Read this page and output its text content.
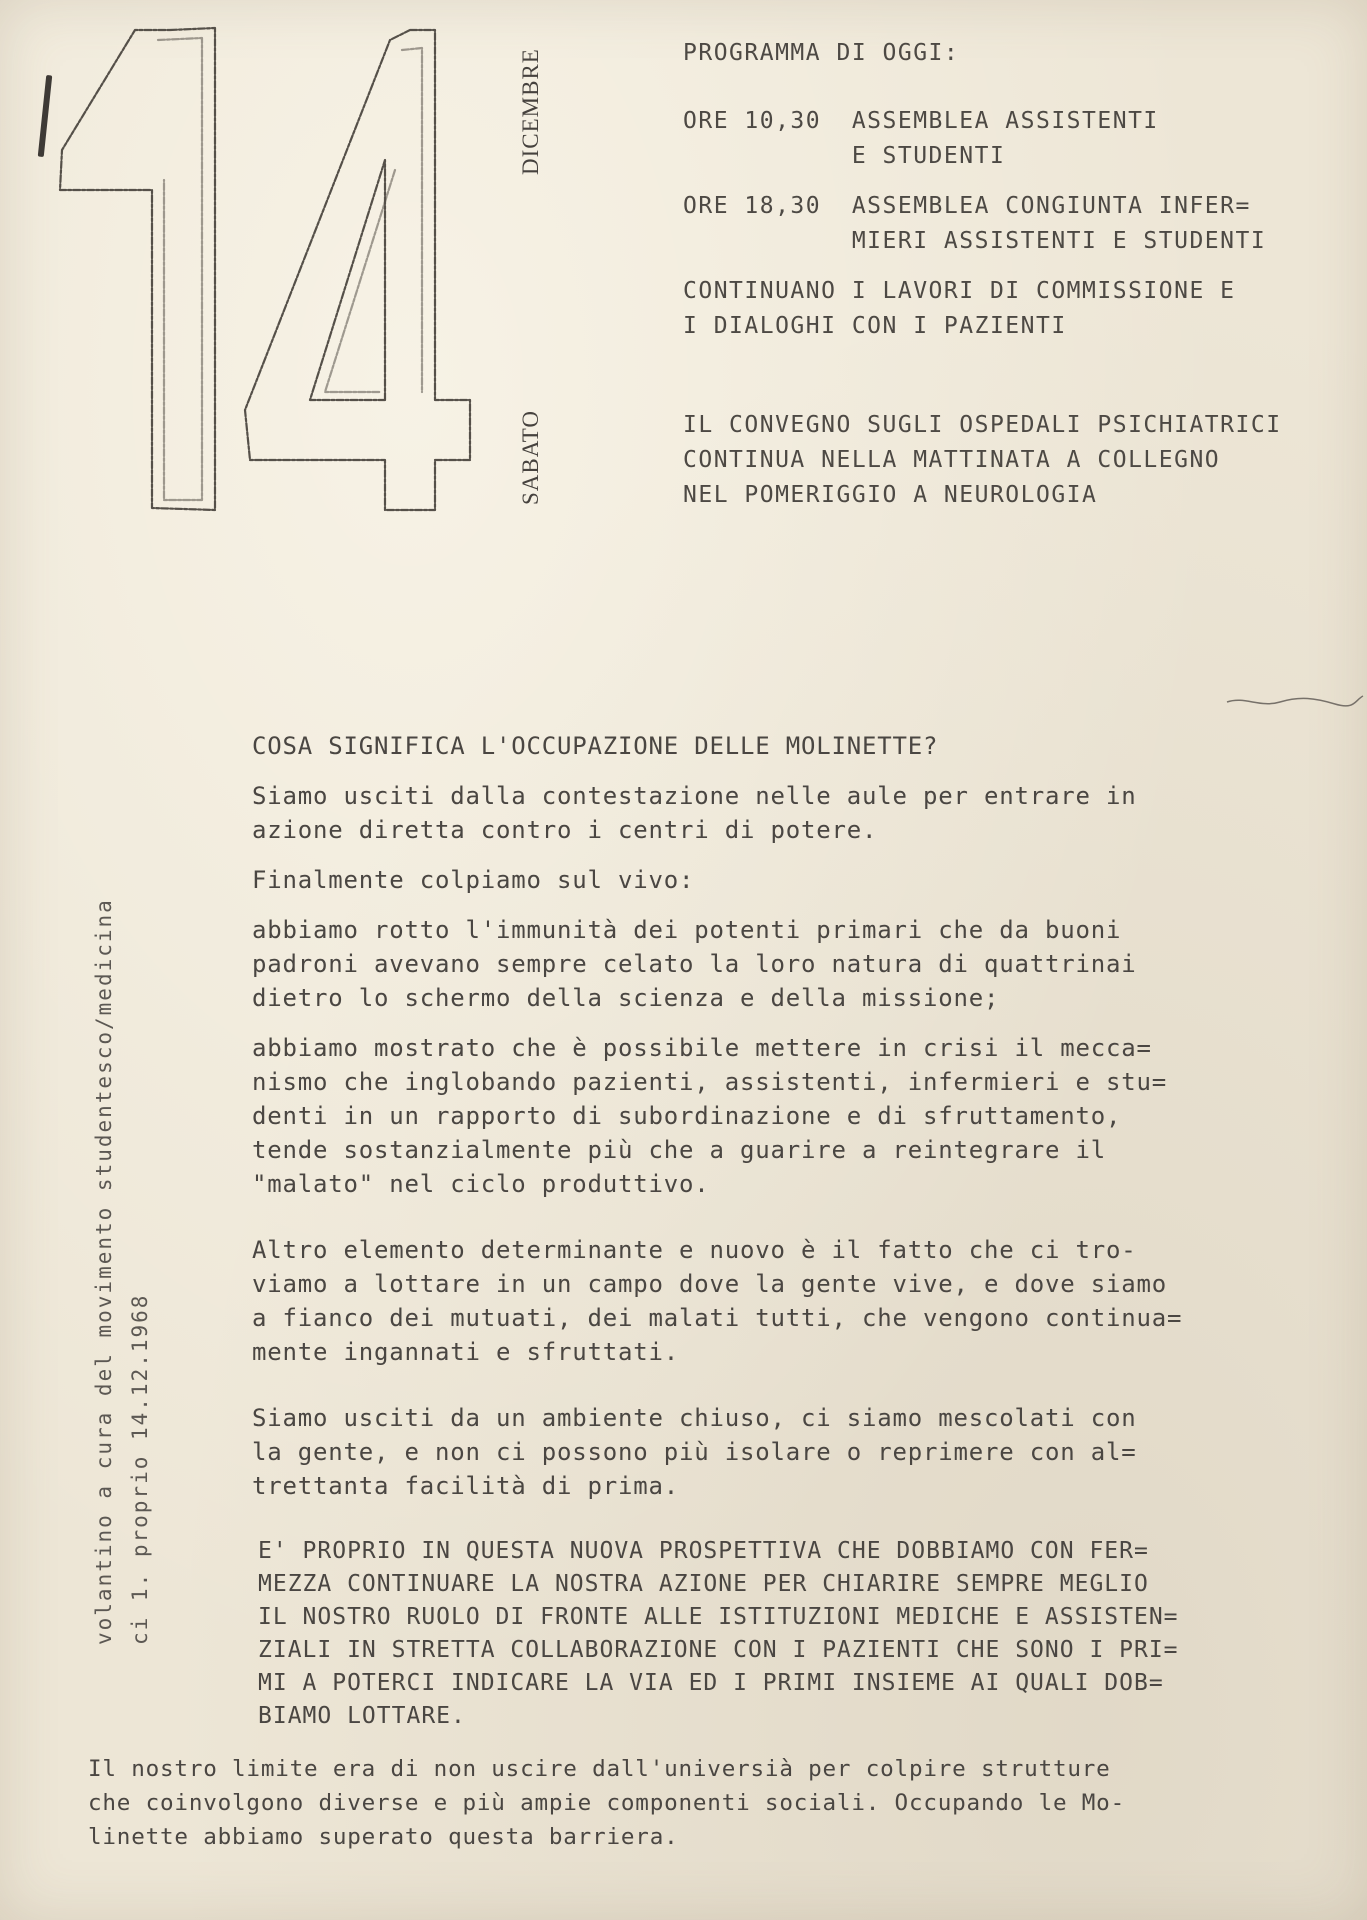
DICEMBRE
SABATO
PROGRAMMA DI OGGI:
ORE 10,30  ASSEMBLEA ASSISTENTI
E STUDENTI
ORE 18,30  ASSEMBLEA CONGIUNTA INFER=
MIERI ASSISTENTI E STUDENTI
CONTINUANO I LAVORI DI COMMISSIONE E
I DIALOGHI CON I PAZIENTI
IL CONVEGNO SUGLI OSPEDALI PSICHIATRICI
CONTINUA NELLA MATTINATA A COLLEGNO
NEL POMERIGGIO A NEUROLOGIA
volantino a cura del movimento studentesco/medicina ci 1. proprio 14.12.1968
COSA SIGNIFICA L'OCCUPAZIONE DELLE MOLINETTE?
Siamo usciti dalla contestazione nelle aule per entrare in
azione diretta contro i centri di potere.
Finalmente colpiamo sul vivo:
abbiamo rotto l'immunità dei potenti primari che da buoni
padroni avevano sempre celato la loro natura di quattrinai
dietro lo schermo della scienza e della missione;
abbiamo mostrato che è possibile mettere in crisi il mecca=
nismo che inglobando pazienti, assistenti, infermieri e stu=
denti in un rapporto di subordinazione e di sfruttamento,
tende sostanzialmente più che a guarire a reintegrare il
"malato" nel ciclo produttivo.
Altro elemento determinante e nuovo è il fatto che ci tro-
viamo a lottare in un campo dove la gente vive, e dove siamo
a fianco dei mutuati, dei malati tutti, che vengono continua=
mente ingannati e sfruttati.
Siamo usciti da un ambiente chiuso, ci siamo mescolati con
la gente, e non ci possono più isolare o reprimere con al=
trettanta facilità di prima.
E' PROPRIO IN QUESTA NUOVA PROSPETTIVA CHE DOBBIAMO CON FER=
MEZZA CONTINUARE LA NOSTRA AZIONE PER CHIARIRE SEMPRE MEGLIO
IL NOSTRO RUOLO DI FRONTE ALLE ISTITUZIONI MEDICHE E ASSISTEN=
ZIALI IN STRETTA COLLABORAZIONE CON I PAZIENTI CHE SONO I PRI=
MI A POTERCI INDICARE LA VIA ED I PRIMI INSIEME AI QUALI DOB=
BIAMO LOTTARE.
Il nostro limite era di non uscire dall'universià per colpire strutture
che coinvolgono diverse e più ampie componenti sociali. Occupando le Mo-
linette abbiamo superato questa barriera.
